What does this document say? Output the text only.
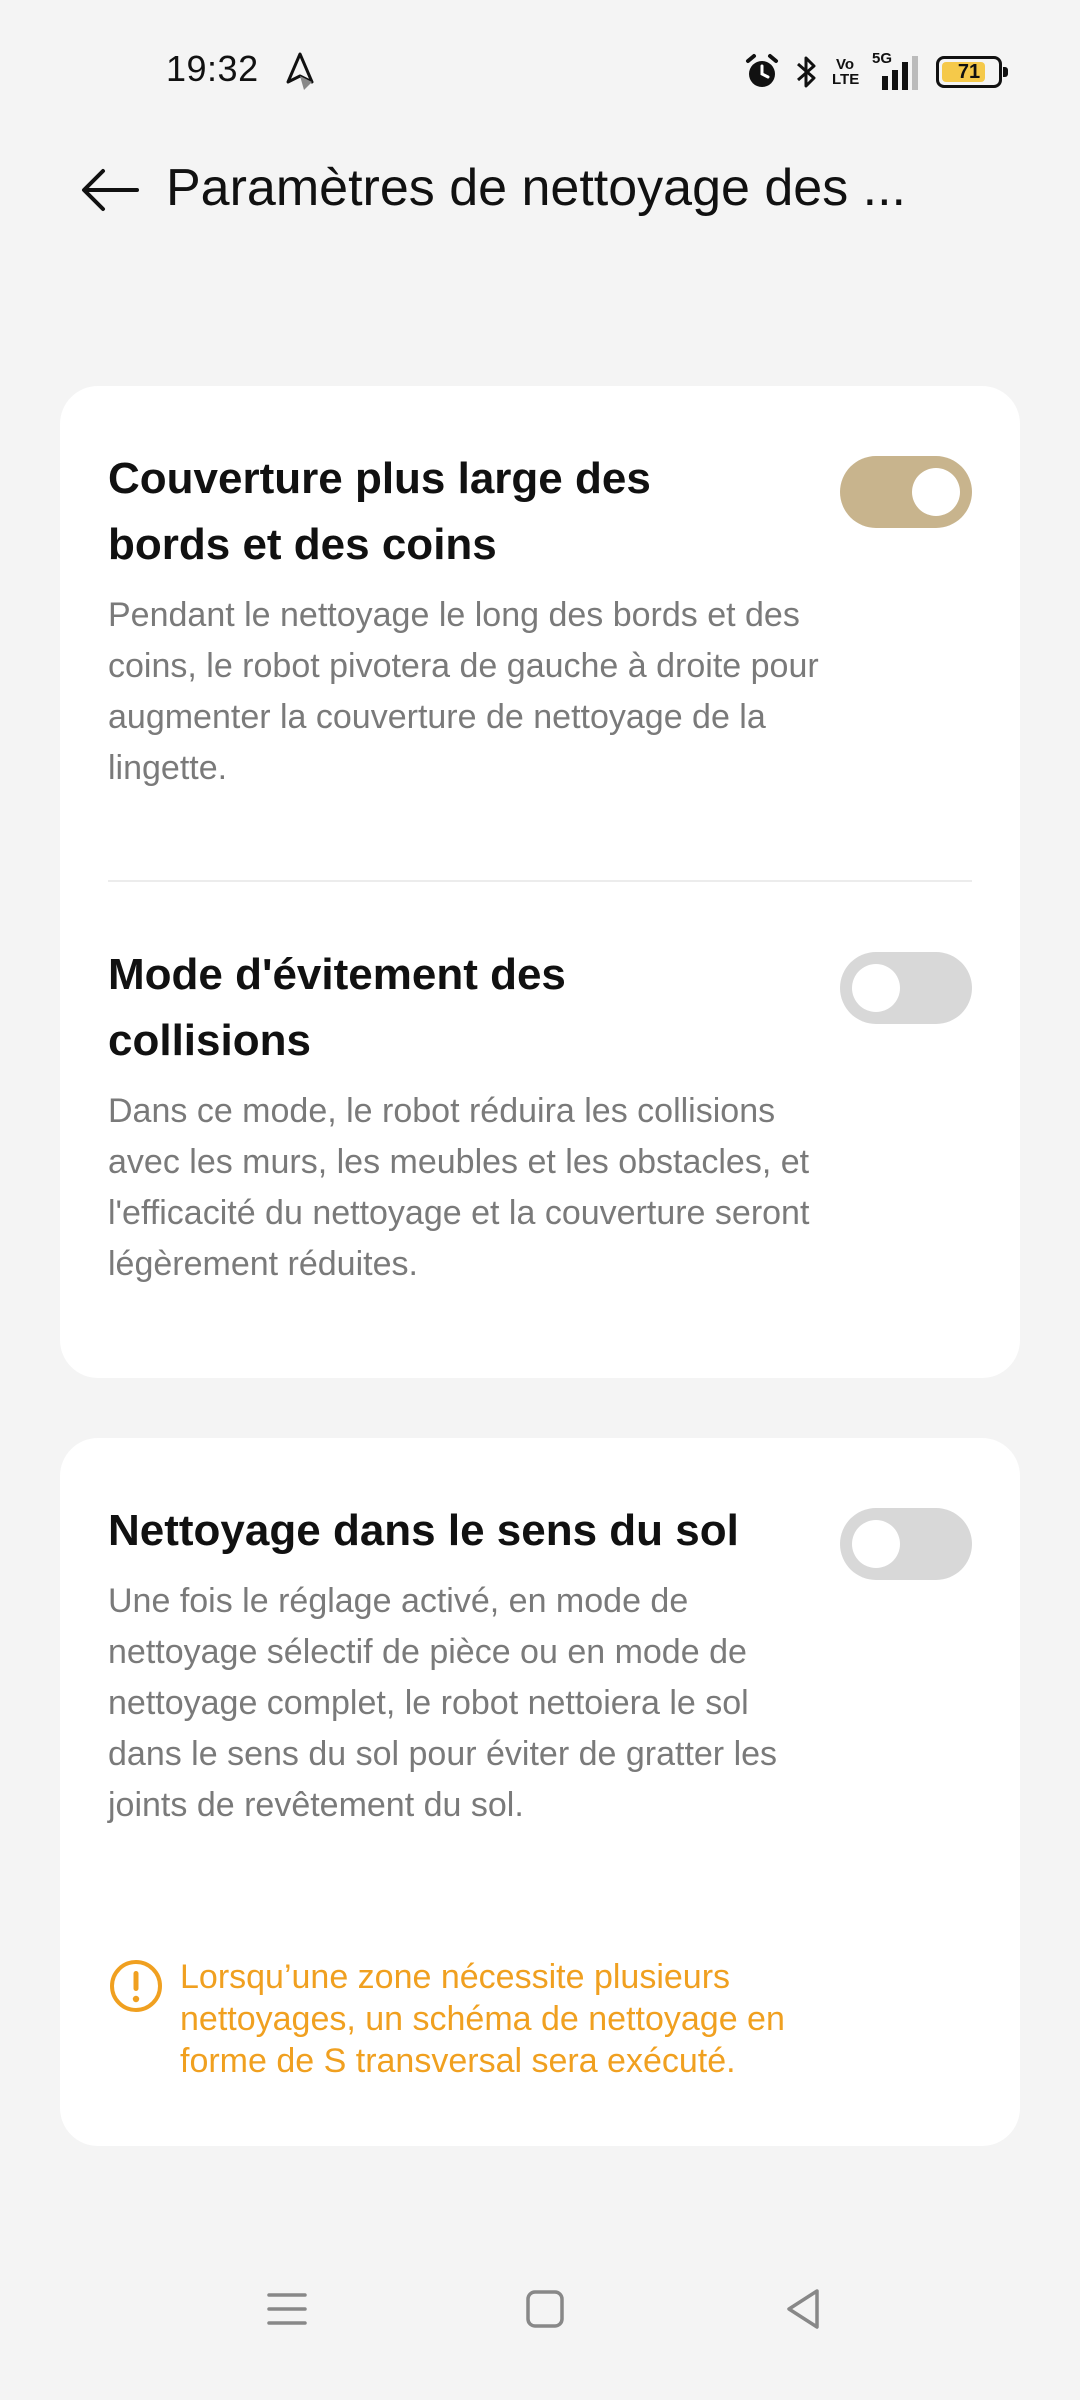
19:32	Vo
LTE
5G
71
Paramètres de nettoyage des ...
Couverture plus large des bords et des coins
Pendant le nettoyage le long des bords et des coins, le robot pivotera de gauche à droite pour augmenter la couverture de nettoyage de la lingette.
Mode d'évitement des collisions
Dans ce mode, le robot réduira les collisions avec les murs, les meubles et les obstacles, et l'efficacité du nettoyage et la couverture seront légèrement réduites.
Nettoyage dans le sens du sol
Une fois le réglage activé, en mode de nettoyage sélectif de pièce ou en mode de nettoyage complet, le robot nettoiera le sol dans le sens du sol pour éviter de gratter les joints de revêtement du sol.
Lorsqu’une zone nécessite plusieurs nettoyages, un schéma de nettoyage en forme de S transversal sera exécuté.
